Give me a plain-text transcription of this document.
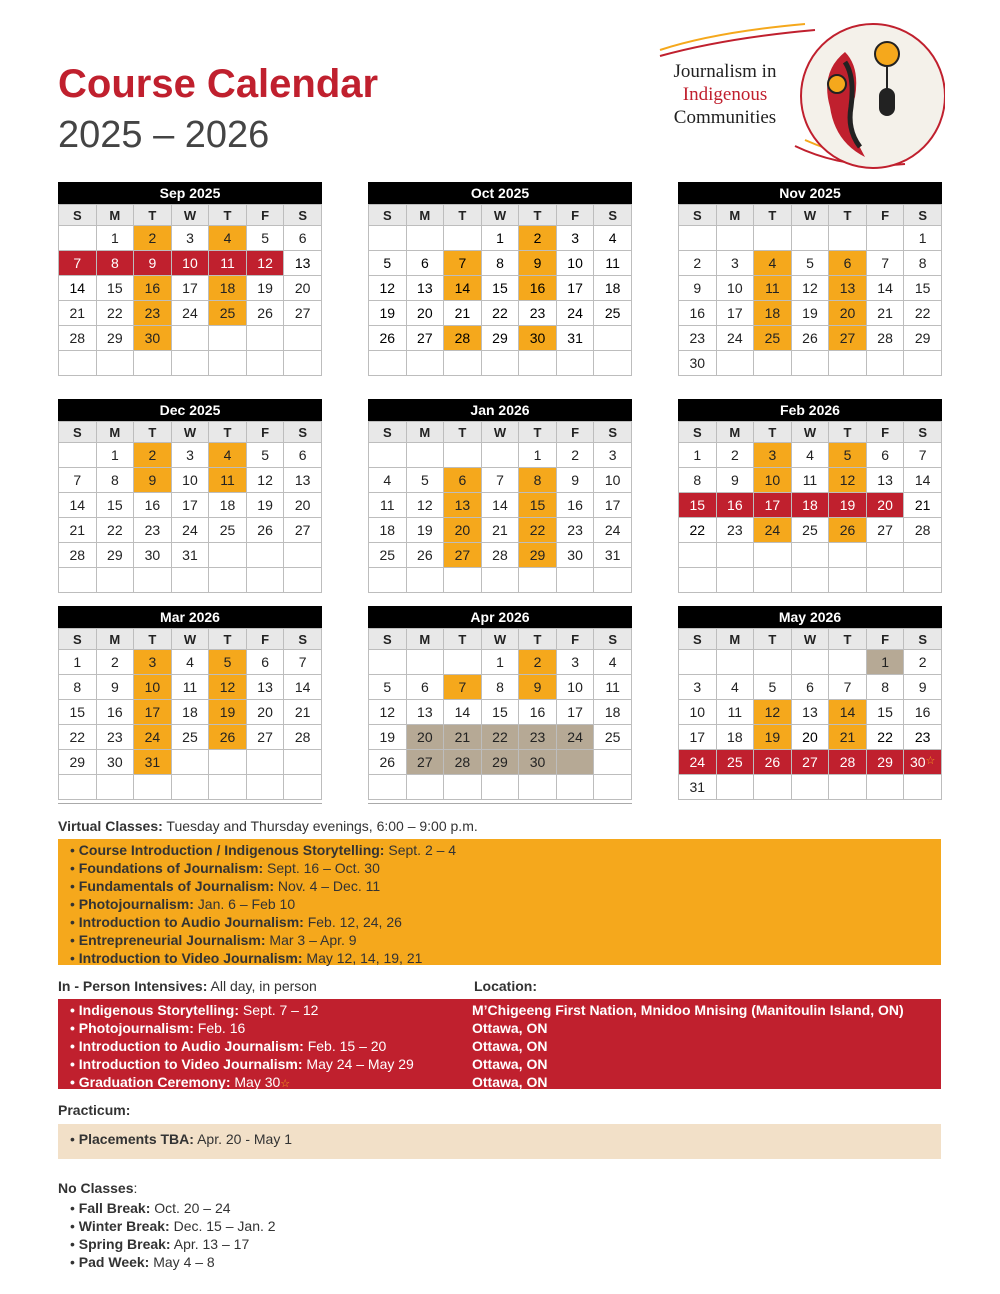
Course Calendar
2025 – 2026
Journalism in
Indigenous
Communities
Sep 2025
S	M	T	W	T	F	S
	1	2	3	4	5	6
7	8	9	10	11	12	13
14	15	16	17	18	19	20
21	22	23	24	25	26	27
28	29	30				

Oct 2025
S	M	T	W	T	F	S
			1	2	3	4
5	6	7	8	9	10	11
12	13	14	15	16	17	18
19	20	21	22	23	24	25
26	27	28	29	30	31	

Nov 2025
S	M	T	W	T	F	S
						1
2	3	4	5	6	7	8
9	10	11	12	13	14	15
16	17	18	19	20	21	22
23	24	25	26	27	28	29
30						
Dec 2025
S	M	T	W	T	F	S
	1	2	3	4	5	6
7	8	9	10	11	12	13
14	15	16	17	18	19	20
21	22	23	24	25	26	27
28	29	30	31			

Jan 2026
S	M	T	W	T	F	S
				1	2	3
4	5	6	7	8	9	10
11	12	13	14	15	16	17
18	19	20	21	22	23	24
25	26	27	28	29	30	31

Feb 2026
S	M	T	W	T	F	S
1	2	3	4	5	6	7
8	9	10	11	12	13	14
15	16	17	18	19	20	21
22	23	24	25	26	27	28

Mar 2026
S	M	T	W	T	F	S
1	2	3	4	5	6	7
8	9	10	11	12	13	14
15	16	17	18	19	20	21
22	23	24	25	26	27	28
29	30	31				

Apr 2026
S	M	T	W	T	F	S
			1	2	3	4
5	6	7	8	9	10	11
12	13	14	15	16	17	18
19	20	21	22	23	24	25
26	27	28	29	30		

May 2026
S	M	T	W	T	F	S
					1	2
3	4	5	6	7	8	9
10	11	12	13	14	15	16
17	18	19	20	21	22	23
24	25	26	27	28	29	30☆
31						
Virtual Classes: Tuesday and Thursday evenings, 6:00 – 9:00 p.m.
• Course Introduction / Indigenous Storytelling: Sept. 2 – 4
• Foundations of Journalism: Sept. 16 – Oct. 30
• Fundamentals of Journalism: Nov. 4 – Dec. 11
• Photojournalism: Jan. 6 – Feb 10
• Introduction to Audio Journalism: Feb. 12, 24, 26
• Entrepreneurial Journalism: Mar 3 – Apr. 9
• Introduction to Video Journalism: May 12, 14, 19, 21
In - Person Intensives: All day, in person	Location:
• Indigenous Storytelling: Sept. 7 – 12	M’Chigeeng First Nation, Mnidoo Mnising (Manitoulin Island, ON)
• Photojournalism: Feb. 16	Ottawa, ON
• Introduction to Audio Journalism: Feb. 15 – 20	Ottawa, ON
• Introduction to Video Journalism: May 24 – May 29	Ottawa, ON
• Graduation Ceremony: May 30☆	Ottawa, ON
Practicum:
• Placements TBA: Apr. 20 - May 1
No Classes:
• Fall Break: Oct. 20 – 24
• Winter Break: Dec. 15 – Jan. 2
• Spring Break: Apr. 13 – 17
• Pad Week: May 4 – 8
